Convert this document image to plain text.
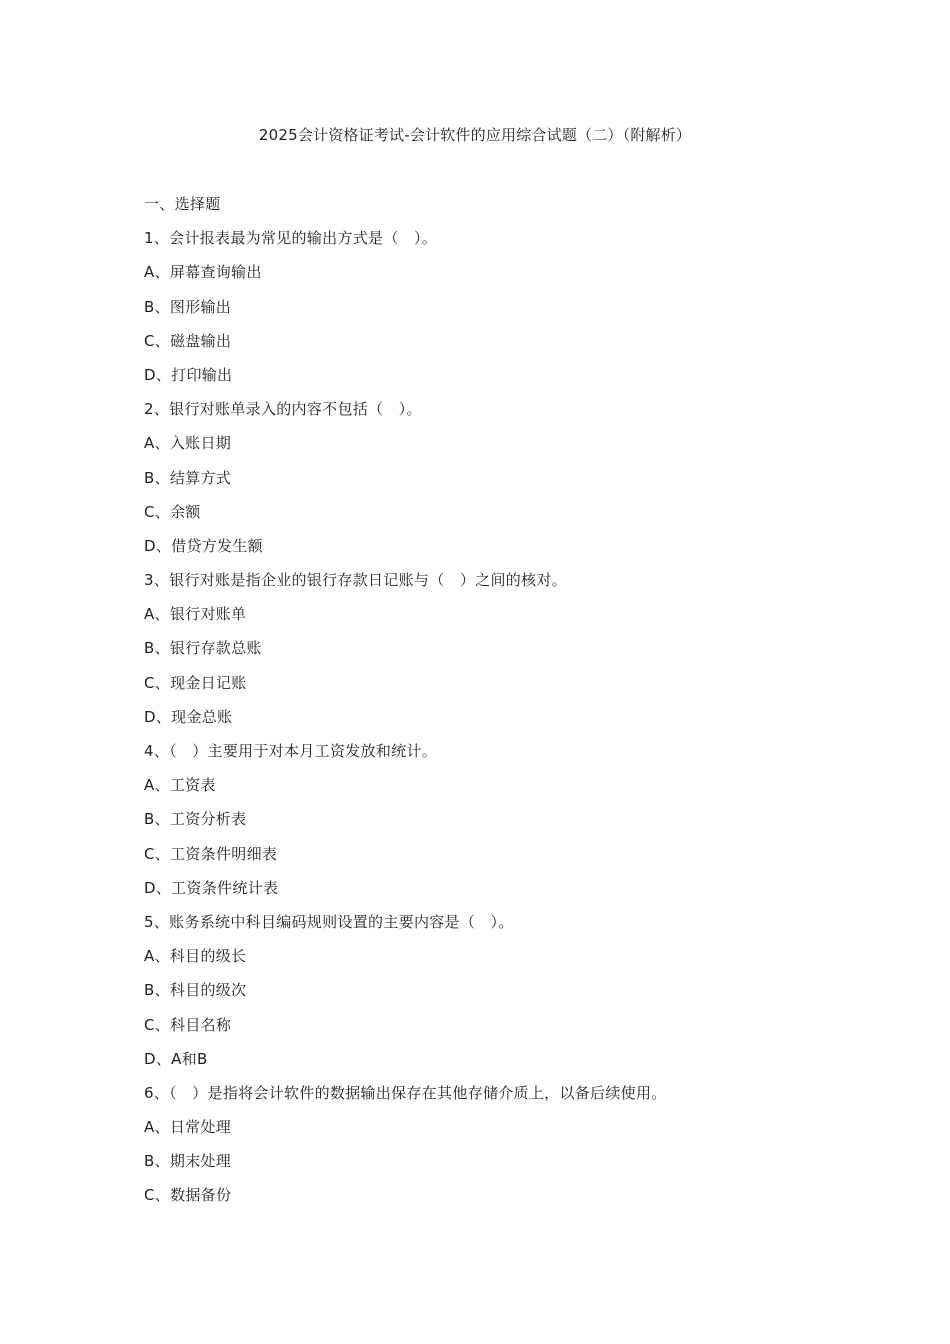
2025会计资格证考试-会计软件的应用综合试题（二）（附解析）
一、选择题
1、会计报表最为常见的输出方式是（　）。
A、屏幕查询输出
B、图形输出
C、磁盘输出
D、打印输出
2、银行对账单录入的内容不包括（　）。
A、入账日期
B、结算方式
C、余额
D、借贷方发生额
3、银行对账是指企业的银行存款日记账与（　）之间的核对。
A、银行对账单
B、银行存款总账
C、现金日记账
D、现金总账
4、（　）主要用于对本月工资发放和统计。
A、工资表
B、工资分析表
C、工资条件明细表
D、工资条件统计表
5、账务系统中科目编码规则设置的主要内容是（　）。
A、科目的级长
B、科目的级次
C、科目名称
D、A和B
6、（　）是指将会计软件的数据输出保存在其他存储介质上，以备后续使用。
A、日常处理
B、期末处理
C、数据备份
